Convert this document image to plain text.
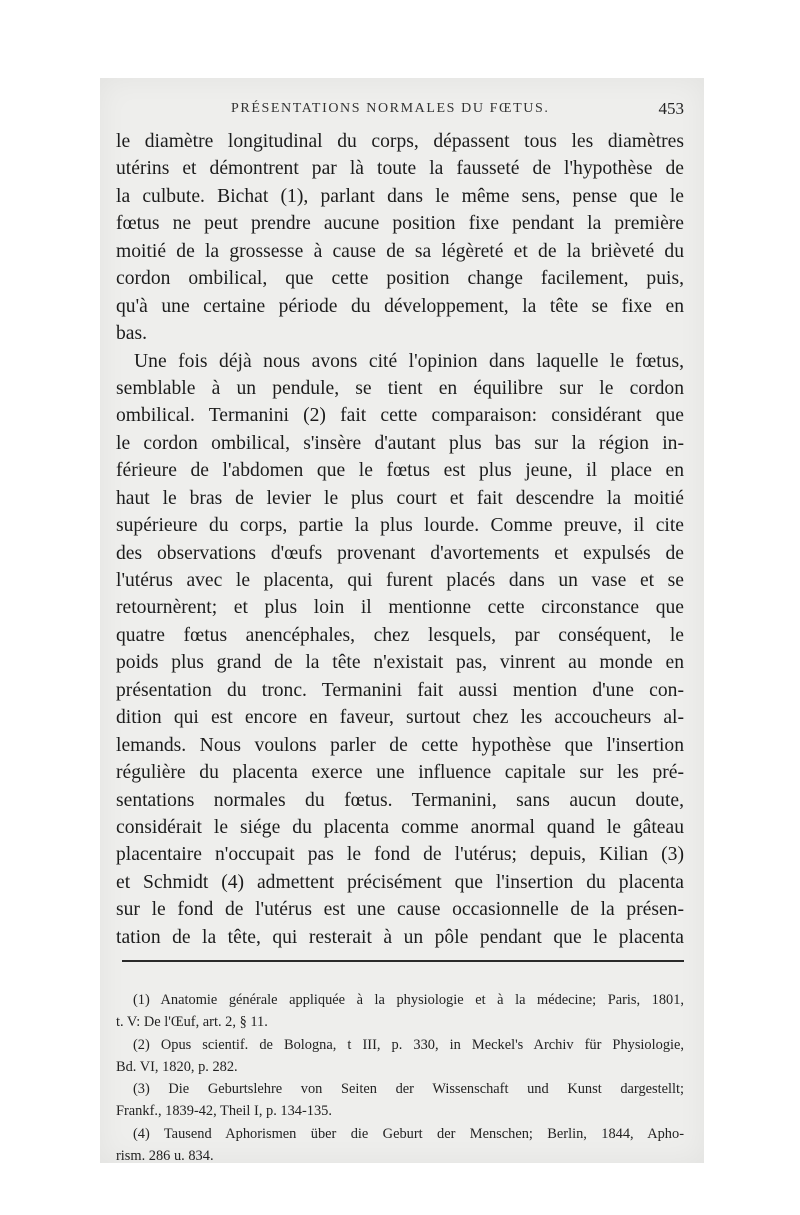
PRÉSENTATIONS NORMALES DU FŒTUS.	453
le diamètre longitudinal du corps, dépassent tous les diamètres
utérins et démontrent par là toute la fausseté de l'hypothèse de
la culbute. Bichat (1), parlant dans le même sens, pense que le
fœtus ne peut prendre aucune position fixe pendant la première
moitié de la grossesse à cause de sa légèreté et de la brièveté du
cordon ombilical, que cette position change facilement, puis,
qu'à une certaine période du développement, la tête se fixe en
bas.
Une fois déjà nous avons cité l'opinion dans laquelle le fœtus,
semblable à un pendule, se tient en équilibre sur le cordon
ombilical. Termanini (2) fait cette comparaison: considérant que
le cordon ombilical, s'insère d'autant plus bas sur la région in-
férieure de l'abdomen que le fœtus est plus jeune, il place en
haut le bras de levier le plus court et fait descendre la moitié
supérieure du corps, partie la plus lourde. Comme preuve, il cite
des observations d'œufs provenant d'avortements et expulsés de
l'utérus avec le placenta, qui furent placés dans un vase et se
retournèrent; et plus loin il mentionne cette circonstance que
quatre fœtus anencéphales, chez lesquels, par conséquent, le
poids plus grand de la tête n'existait pas, vinrent au monde en
présentation du tronc. Termanini fait aussi mention d'une con-
dition qui est encore en faveur, surtout chez les accoucheurs al-
lemands. Nous voulons parler de cette hypothèse que l'insertion
régulière du placenta exerce une influence capitale sur les pré-
sentations normales du fœtus. Termanini, sans aucun doute,
considérait le siége du placenta comme anormal quand le gâteau
placentaire n'occupait pas le fond de l'utérus; depuis, Kilian (3)
et Schmidt (4) admettent précisément que l'insertion du placenta
sur le fond de l'utérus est une cause occasionnelle de la présen-
tation de la tête, qui resterait à un pôle pendant que le placenta
(1) Anatomie générale appliquée à la physiologie et à la médecine; Paris, 1801,
t. V: De l'Œuf, art. 2, § 11.
(2) Opus scientif. de Bologna, t III, p. 330, in Meckel's Archiv für Physiologie,
Bd. VI, 1820, p. 282.
(3) Die Geburtslehre von Seiten der Wissenschaft und Kunst dargestellt;
Frankf., 1839-42, Theil I, p. 134-135.
(4) Tausend Aphorismen über die Geburt der Menschen; Berlin, 1844, Apho-
rism. 286 u. 834.
